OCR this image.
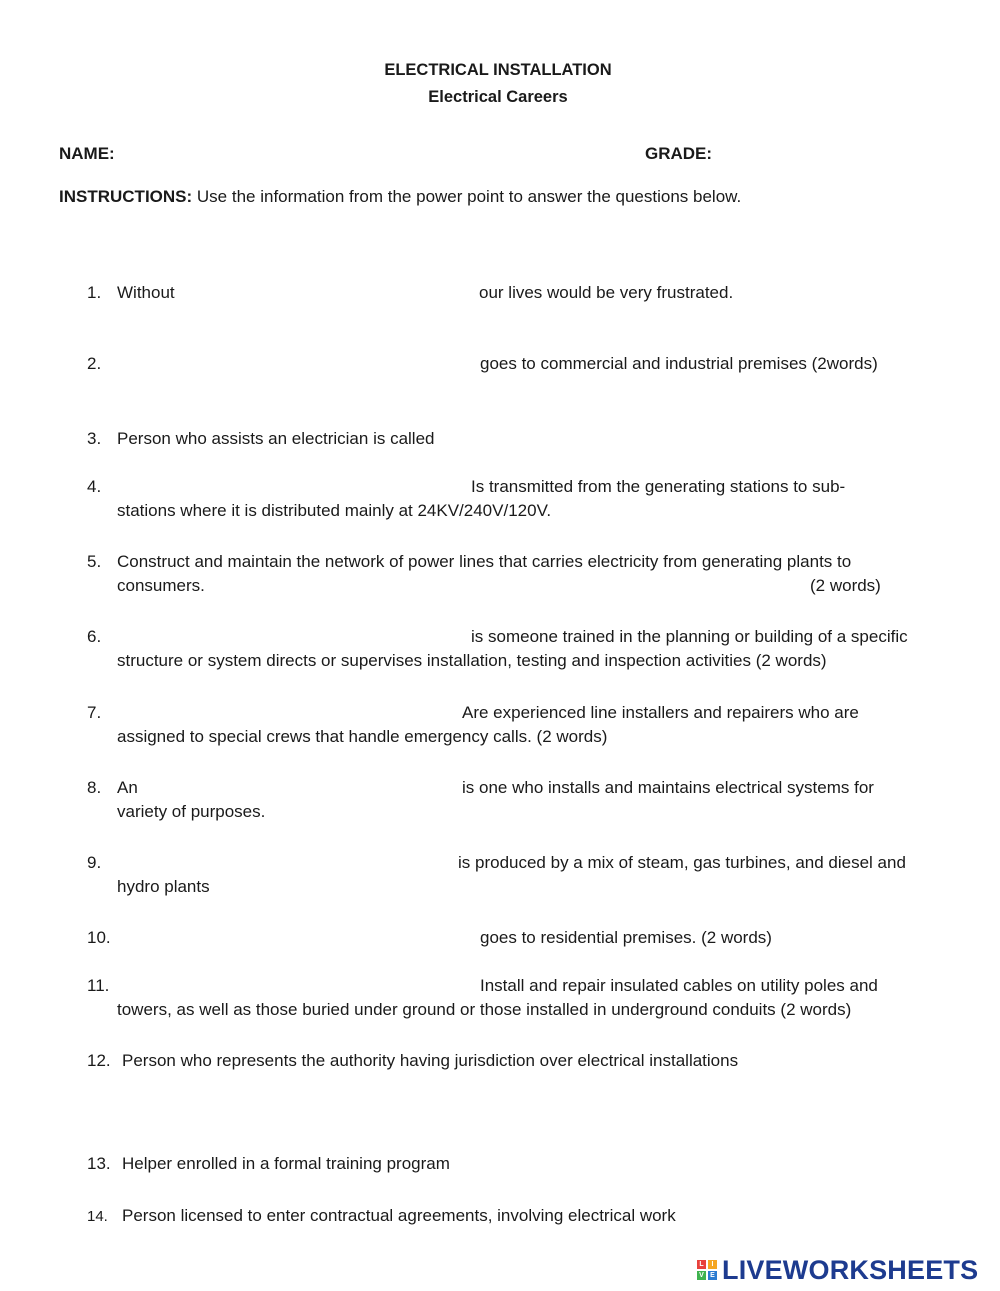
ELECTRICAL INSTALLATION
Electrical Careers
NAME:	GRADE:
INSTRUCTIONS: Use the information from the power point to answer the questions below.
1. Without	our lives would be very frustrated.
2.	goes to commercial and industrial premises (2words)
3. Person who assists an electrician is called
4.	Is transmitted from the generating stations to sub-
stations where it is distributed mainly at 24KV/240V/120V.
5. Construct and maintain the network of power lines that carries electricity from generating plants to
consumers.	(2 words)
6.	is someone trained in the planning or building of a specific
structure or system directs or supervises installation, testing and inspection activities (2 words)
7.	Are experienced line installers and repairers who are
assigned to special crews that handle emergency calls. (2 words)
8. An	is one who installs and maintains electrical systems for
variety of purposes.
9.	is produced by a mix of steam, gas turbines, and diesel and
hydro plants
10.	goes to residential premises. (2 words)
11.	Install and repair insulated cables on utility poles and
towers, as well as those buried under ground or those installed in underground conduits (2 words)
12. Person who represents the authority having jurisdiction over electrical installations
13. Helper enrolled in a formal training program
14. Person licensed to enter contractual agreements, involving electrical work
L	I
V E LIVEWORKSHEETS
